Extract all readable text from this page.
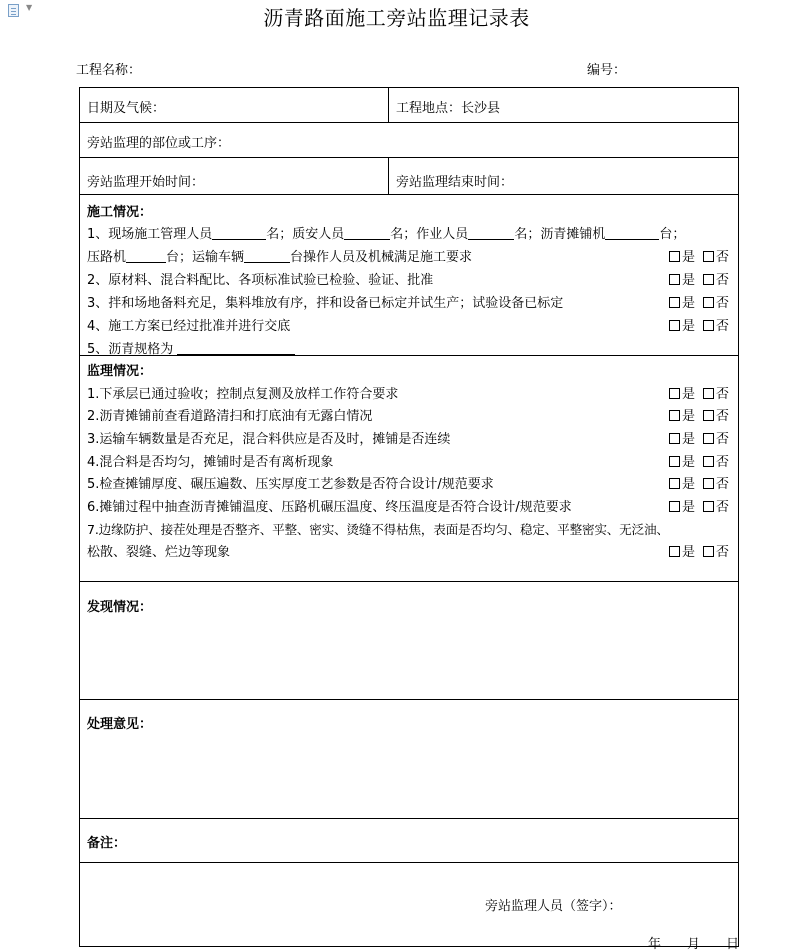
▼	沥青路面施工旁站监理记录表
工程名称：	编号：
日期及气候：	工程地点：长沙县
旁站监理的部位或工序：
旁站监理开始时间：	旁站监理结束时间：
施工情况：
1、现场施工管理人员	名；质安人员	名；作业人员	名；沥青摊铺机	台；
压路机	台；运输车辆	台操作人员及机械满足施工要求	是 否
2、原材料、混合料配比、各项标准试验已检验、验证、批准	是 否
3、拌和场地备料充足，集料堆放有序，拌和设备已标定并试生产；试验设备已标定	是 否
4、施工方案已经过批准并进行交底	是 否
5、沥青规格为
监理情况：
1.下承层已通过验收；控制点复测及放样工作符合要求	是 否
2.沥青摊铺前查看道路清扫和打底油有无露白情况	是 否
3.运输车辆数量是否充足，混合料供应是否及时，摊铺是否连续	是 否
4.混合料是否均匀，摊铺时是否有离析现象	是 否
5.检查摊铺厚度、碾压遍数、压实厚度工艺参数是否符合设计/规范要求	是 否
6.摊铺过程中抽查沥青摊铺温度、压路机碾压温度、终压温度是否符合设计/规范要求	是 否
7.边缘防护、接茬处理是否整齐、平整、密实、烫缝不得枯焦，表面是否均匀、稳定、平整密实、无泛油、
松散、裂缝、烂边等现象	是 否
发现情况：
处理意见：
备注：
旁站监理人员（签字）：
年　　月　　日
